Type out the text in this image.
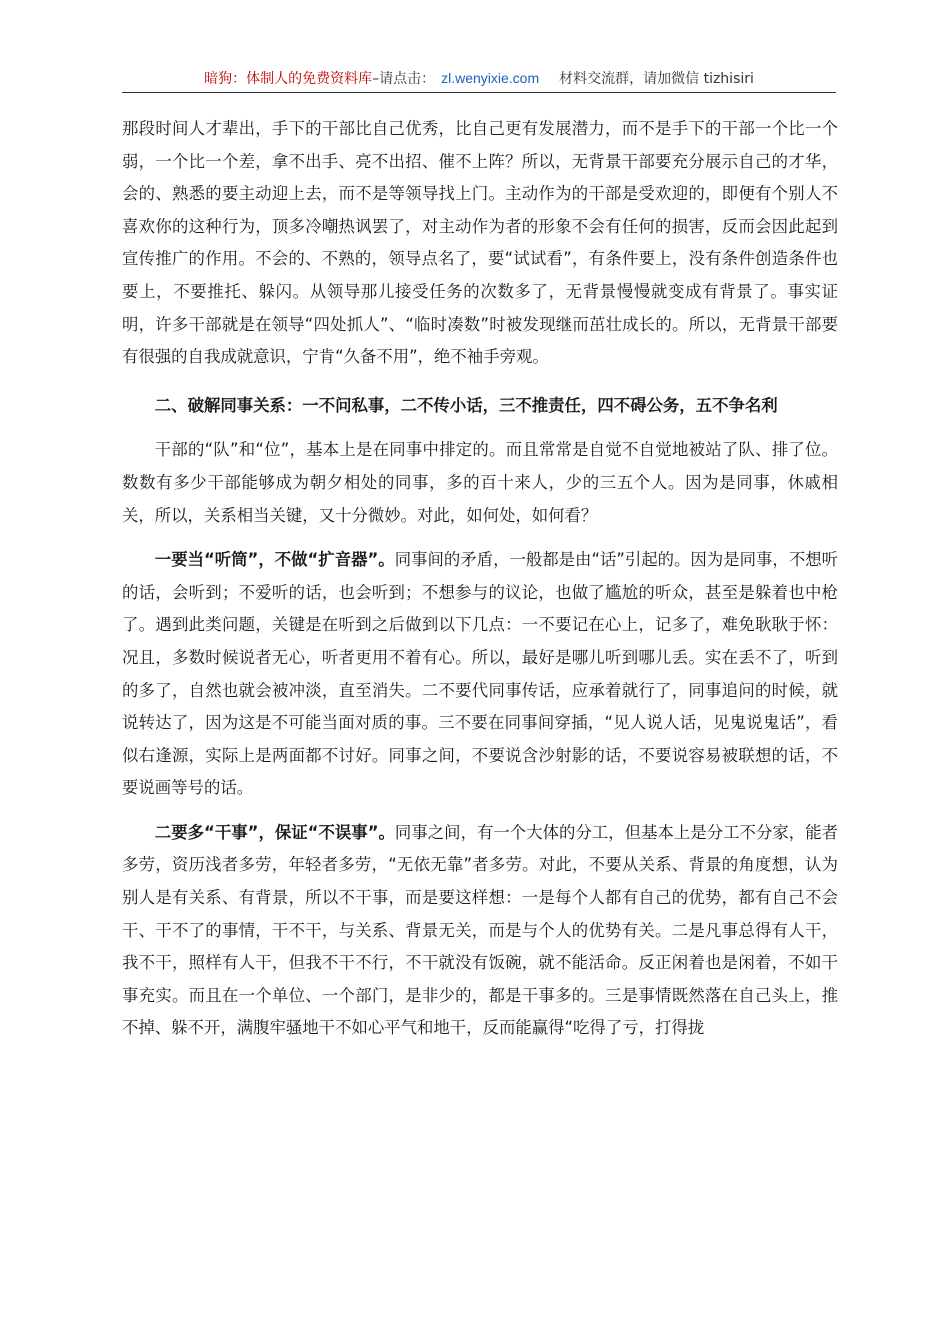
暗狗：体制人的免费资料库–请点击： zl.wenyixie.com 材料交流群，请加微信 tizhisiri

那段时间人才辈出，手下的干部比自己优秀，比自己更有发展潜力，而不是手下的干部一个比一个弱，一个比一个差，拿不出手、亮不出招、催不上阵？所以，无背景干部要充分展示自己的才华，会的、熟悉的要主动迎上去，而不是等领导找上门。主动作为的干部是受欢迎的，即便有个别人不喜欢你的这种行为，顶多冷嘲热讽罢了，对主动作为者的形象不会有任何的损害，反而会因此起到宣传推广的作用。不会的、不熟的，领导点名了，要“试试看”，有条件要上，没有条件创造条件也要上，不要推托、躲闪。从领导那儿接受任务的次数多了，无背景慢慢就变成有背景了。事实证明，许多干部就是在领导“四处抓人”、“临时凑数”时被发现继而茁壮成长的。所以，无背景干部要有很强的自我成就意识，宁肯“久备不用”，绝不袖手旁观。

二、破解同事关系：一不问私事，二不传小话，三不推责任，四不碍公务，五不争名利

干部的“队”和“位”，基本上是在同事中排定的。而且常常是自觉不自觉地被站了队、排了位。数数有多少干部能够成为朝夕相处的同事，多的百十来人，少的三五个人。因为是同事，休戚相关，所以，关系相当关键，又十分微妙。对此，如何处，如何看？

一要当“听筒”，不做“扩音器”。同事间的矛盾，一般都是由“话”引起的。因为是同事，不想听的话，会听到；不爱听的话，也会听到；不想参与的议论，也做了尴尬的听众，甚至是躲着也中枪了。遇到此类问题，关键是在听到之后做到以下几点：一不要记在心上，记多了，难免耿耿于怀：况且，多数时候说者无心，听者更用不着有心。所以，最好是哪儿听到哪儿丢。实在丢不了，听到的多了，自然也就会被冲淡，直至消失。二不要代同事传话，应承着就行了，同事追问的时候，就说转达了，因为这是不可能当面对质的事。三不要在同事间穿插，“见人说人话，见鬼说鬼话”，看似右逢源，实际上是两面都不讨好。同事之间，不要说含沙射影的话，不要说容易被联想的话，不要说画等号的话。

二要多“干事”，保证“不误事”。同事之间，有一个大体的分工，但基本上是分工不分家，能者多劳，资历浅者多劳，年轻者多劳，“无依无靠”者多劳。对此，不要从关系、背景的角度想，认为别人是有关系、有背景，所以不干事，而是要这样想：一是每个人都有自己的优势，都有自己不会干、干不了的事情，干不干，与关系、背景无关，而是与个人的优势有关。二是凡事总得有人干，我不干，照样有人干，但我不干不行，不干就没有饭碗，就不能活命。反正闲着也是闲着，不如干事充实。而且在一个单位、一个部门，是非少的，都是干事多的。三是事情既然落在自己头上，推不掉、躲不开，满腹牢骚地干不如心平气和地干，反而能赢得“吃得了亏，打得拢
